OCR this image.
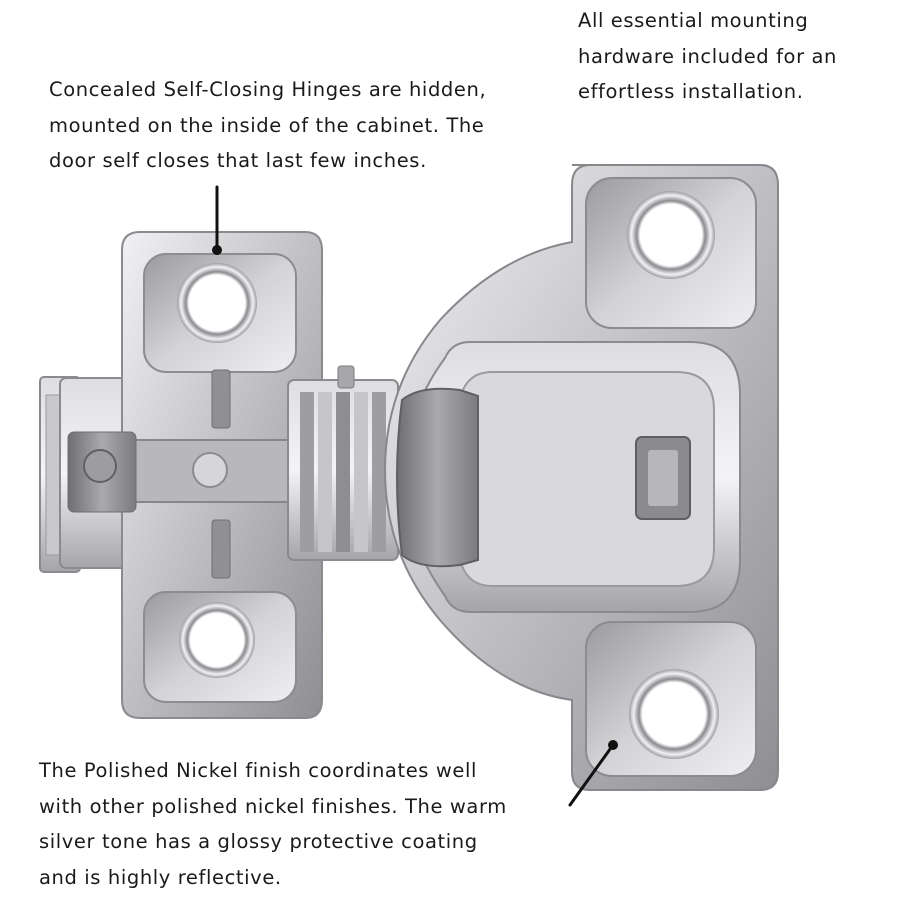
All essential mounting
hardware included for an
effortless installation.

Concealed Self-Closing Hinges are hidden,
mounted on the inside of the cabinet. The
door self closes that last few inches.

The Polished Nickel finish coordinates well
with other polished nickel finishes. The warm
silver tone has a glossy protective coating
and is highly reflective.
